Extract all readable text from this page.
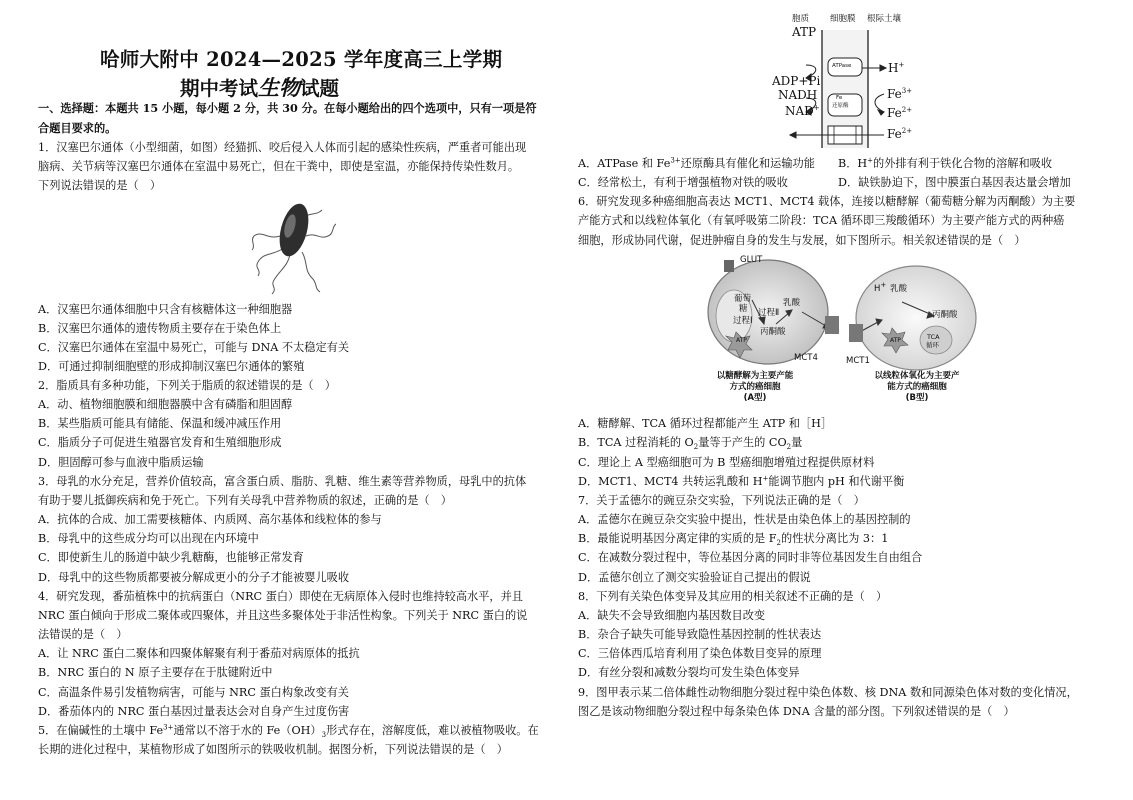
哈师大附中 2024—2025 学年度高三上学期
期中考试生物试题
一、选择题：本题共 15 小题，每小题 2 分，共 30 分。在每小题给出的四个选项中，只有一项是符
合题目要求的。
1．汉塞巴尔通体（小型细菌，如图）经猫抓、咬后侵入人体而引起的感染性疾病，严重者可能出现
脑病、关节病等汉塞巴尔通体在室温中易死亡，但在干粪中，即使是室温，亦能保持传染性数月。
下列说法错误的是（　）
A．汉塞巴尔通体细胞中只含有核糖体这一种细胞器
B．汉塞巴尔通体的遗传物质主要存在于染色体上
C．汉塞巴尔通体在室温中易死亡，可能与 DNA 不太稳定有关
D．可通过抑制细胞壁的形成抑制汉塞巴尔通体的繁殖
2．脂质具有多种功能，下列关于脂质的叙述错误的是（　）
A．动、植物细胞膜和细胞器膜中含有磷脂和胆固醇
B．某些脂质可能具有储能、保温和缓冲减压作用
C．脂质分子可促进生殖器官发育和生殖细胞形成
D．胆固醇可参与血液中脂质运输
3．母乳的水分充足，营养价值较高，富含蛋白质、脂肪、乳糖、维生素等营养物质，母乳中的抗体
有助于婴儿抵御疾病和免于死亡。下列有关母乳中营养物质的叙述，正确的是（　）
A．抗体的合成、加工需要核糖体、内质网、高尔基体和线粒体的参与
B．母乳中的这些成分均可以出现在内环境中
C．即使新生儿的肠道中缺少乳糖酶，也能够正常发育
D．母乳中的这些物质都要被分解成更小的分子才能被婴儿吸收
4．研究发现，番茄植株中的抗病蛋白（NRC 蛋白）即使在无病原体入侵时也维持较高水平，并且
NRC 蛋白倾向于形成二聚体或四聚体，并且这些多聚体处于非活性构象。下列关于 NRC 蛋白的说
法错误的是（　）
A．让 NRC 蛋白二聚体和四聚体解聚有利于番茄对病原体的抵抗
B．NRC 蛋白的 N 原子主要存在于肽键附近中
C．高温条件易引发植物病害，可能与 NRC 蛋白构象改变有关
D．番茄体内的 NRC 蛋白基因过量表达会对自身产生过度伤害
5．在偏碱性的土壤中 $Fe^{3+}$通常以不溶于水的 $Fe(OH)_3$形式存在，溶解度低，难以被植物吸收。在
长期的进化过程中，某植物形成了如图所示的铁吸收机制。据图分析，下列说法错误的是（　）
胞质 细胞膜 根际土壤
ATP
ATPase	H+
ADP+Pi
NADH	$Fe^{3+}$
Fe
还原酶
NAD+	$Fe^{2+}$
$Fe^{2+}$
A．ATPase 和 $Fe^{3+}$还原酶具有催化和运输功能 B．H+的外排有利于铁化合物的溶解和吸收
C．经常松土，有利于增强植物对铁的吸收	D．缺铁胁迫下，图中膜蛋白基因表达量会增加
6．研究发现多种癌细胞高表达 MCT1、MCT4 载体，连接以糖酵解（葡萄糖分解为丙酮酸）为主要
产能方式和以线粒体氧化（有氧呼吸第二阶段：TCA 循环即三羧酸循环）为主要产能方式的两种癌
细胞，形成协同代谢，促进肿瘤自身的发生与发展，如下图所示。相关叙述错误的是（　）
GLUT
葡萄
糖
过程Ⅰ
过程Ⅱ
乳酸
丙酮酸
ATP
MCT4	MCT1
H+ 乳酸
丙酮酸
ATP	TCA
循环
以糖酵解为主要产能
方式的癌细胞
(A型)
以线粒体氧化为主要产
能方式的癌细胞
(B型)
A．糖酵解、TCA 循环过程都能产生 ATP 和［H］
B．TCA 过程消耗的 $O_2$量等于产生的 $CO_2$量
C．理论上 A 型癌细胞可为 B 型癌细胞增殖过程提供原材料
D．MCT1、MCT4 共转运乳酸和 H+能调节胞内 pH 和代谢平衡
7．关于孟德尔的豌豆杂交实验，下列说法正确的是（　）
A．孟德尔在豌豆杂交实验中提出，性状是由染色体上的基因控制的
B．最能说明基因分离定律的实质的是 $F_2$的性状分离比为 3：1
C．在减数分裂过程中，等位基因分离的同时非等位基因发生自由组合
D．孟德尔创立了测交实验验证自己提出的假说
8．下列有关染色体变异及其应用的相关叙述不正确的是（　）
A．缺失不会导致细胞内基因数目改变
B．杂合子缺失可能导致隐性基因控制的性状表达
C．三倍体西瓜培育利用了染色体数目变异的原理
D．有丝分裂和减数分裂均可发生染色体变异
9．图甲表示某二倍体雌性动物细胞分裂过程中染色体数、核 DNA 数和同源染色体对数的变化情况，
图乙是该动物细胞分裂过程中每条染色体 DNA 含量的部分图。下列叙述错误的是（　）
